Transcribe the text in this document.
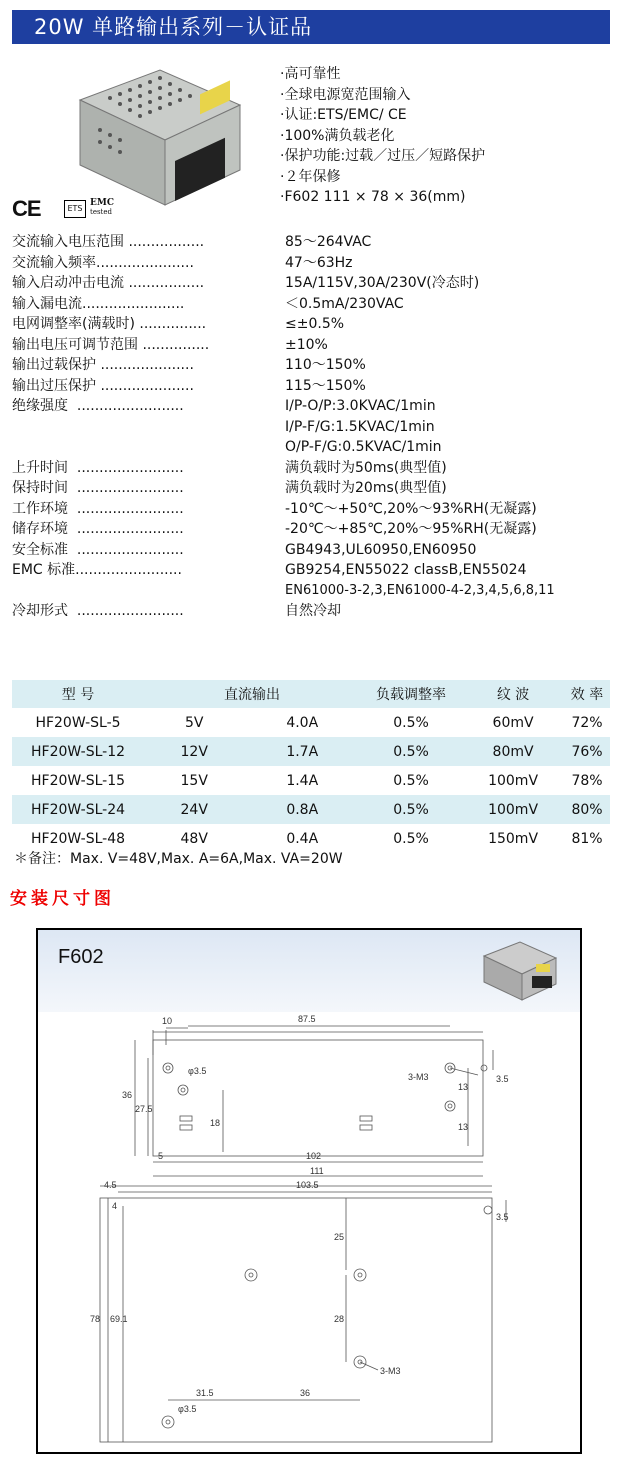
20W 单路输出系列－认证品
CE	ETS
EMC
tested
·高可靠性
·全球电源宽范围输入
·认证:ETS/EMC/ CE
·100%满负载老化
·保护功能:过载／过压／短路保护
·２年保修
·F602 111 × 78 × 36(mm)
交流输入电压范围 .................	85～264VAC
交流输入频率......................	47～63Hz
输入启动冲击电流 .................	15A/115V,30A/230V(冷态时)
输入漏电流.......................	＜0.5mA/230VAC
电网调整率(满载时) ...............	≤±0.5%
输出电压可调节范围 ...............	±10%
输出过载保护 .....................	110～150%
输出过压保护 .....................	115～150%
绝缘强度  ........................	I/P-O/P:3.0KVAC/1min
I/P-F/G:1.5KVAC/1min
O/P-F/G:0.5KVAC/1min
上升时间  ........................	满负载时为50ms(典型值)
保持时间  ........................	满负载时为20ms(典型值)
工作环境  ........................	-10℃～+50℃,20%～93%RH(无凝露)
储存环境  ........................	-20℃～+85℃,20%～95%RH(无凝露)
安全标准  ........................	GB4943,UL60950,EN60950
EMC 标准........................	GB9254,EN55022 classB,EN55024
EN61000-3-2,3,EN61000-4-2,3,4,5,6,8,11
冷却形式  ........................	自然冷却
型 号	直流输出		负载调整率	纹 波	效 率
HF20W-SL-5	5V	4.0A	0.5%	60mV	72%
HF20W-SL-12	12V	1.7A	0.5%	80mV	76%
HF20W-SL-15	15V	1.4A	0.5%	100mV	78%
HF20W-SL-24	24V	0.8A	0.5%	100mV	80%
HF20W-SL-48	48V	0.4A	0.5%	150mV	81%
＊备注：Max. V=48V,Max. A=6A,Max. VA=20W
安装尺寸图
F602
10	87.5
φ3.5
3-M3
36
27.5
18
13
13
3.5
5	102
111
4.5	103.5
4
3.5
25
78 69.1	28
3-M3
31.5	36
φ3.5
